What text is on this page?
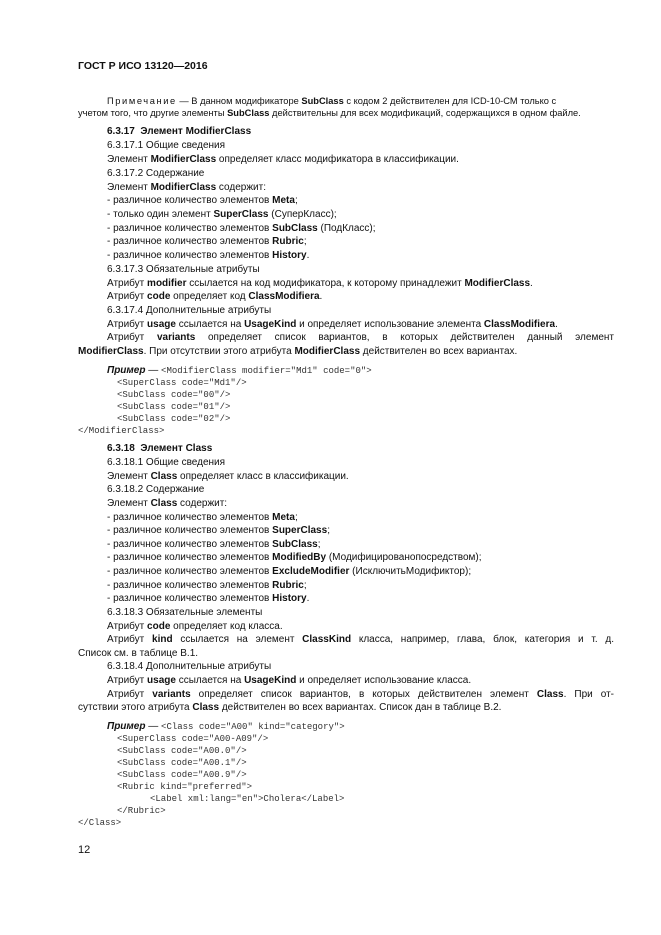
ГОСТ Р ИСО 13120—2016
Примечание — В данном модификаторе SubClass с кодом 2 действителен для ICD-10-CM только с
учетом того, что другие элементы SubClass действительны для всех модификаций, содержащихся в одном файле.
6.3.17 Элемент ModifierClass
6.3.17.1 Общие сведения
Элемент ModifierClass определяет класс модификатора в классификации.
6.3.17.2 Содержание
Элемент ModifierClass содержит:
- различное количество элементов Meta;
- только один элемент SuperClass (СуперКласс);
- различное количество элементов SubClass (ПодКласс);
- различное количество элементов Rubric;
- различное количество элементов History.
6.3.17.3 Обязательные атрибуты
Атрибут modifier ссылается на код модификатора, к которому принадлежит ModifierClass.
Атрибут code определяет код ClassModifiera.
6.3.17.4 Дополнительные атрибуты
Атрибут usage ссылается на UsageKind и определяет использование элемента ClassModifiera.
Атрибут variants определяет список вариантов, в которых действителен данный элемент
ModifierClass. При отсутствии этого атрибута ModifierClass действителен во всех вариантах.
Пример — <ModifierClass modifier="Md1" code="0">
<SuperClass code="Md1"/>
<SubClass code="00"/>
<SubClass code="01"/>
<SubClass code="02"/>
</ModifierClass>
6.3.18 Элемент Class
6.3.18.1 Общие сведения
Элемент Class определяет класс в классификации.
6.3.18.2 Содержание
Элемент Class содержит:
- различное количество элементов Meta;
- различное количество элементов SuperClass;
- различное количество элементов SubClass;
- различное количество элементов ModifiedBy (Модифицированопосредством);
- различное количество элементов ExcludeModifier (ИсключитьМодификтор);
- различное количество элементов Rubric;
- различное количество элементов History.
6.3.18.3 Обязательные элементы
Атрибут code определяет код класса.
Атрибут kind ссылается на элемент ClassKind класса, например, глава, блок, категория и т. д.
Список см. в таблице В.1.
6.3.18.4 Дополнительные атрибуты
Атрибут usage ссылается на UsageKind и определяет использование класса.
Атрибут variants определяет список вариантов, в которых действителен элемент Class. При от-
сутствии этого атрибута Class действителен во всех вариантах. Список дан в таблице В.2.
Пример — <Class code="A00" kind="category">
<SuperClass code="A00-A09"/>
<SubClass code="A00.0"/>
<SubClass code="A00.1"/>
<SubClass code="A00.9"/>
<Rubric kind="preferred">
<Label xml:lang="en">Cholera</Label>
</Rubric>
</Class>
12
